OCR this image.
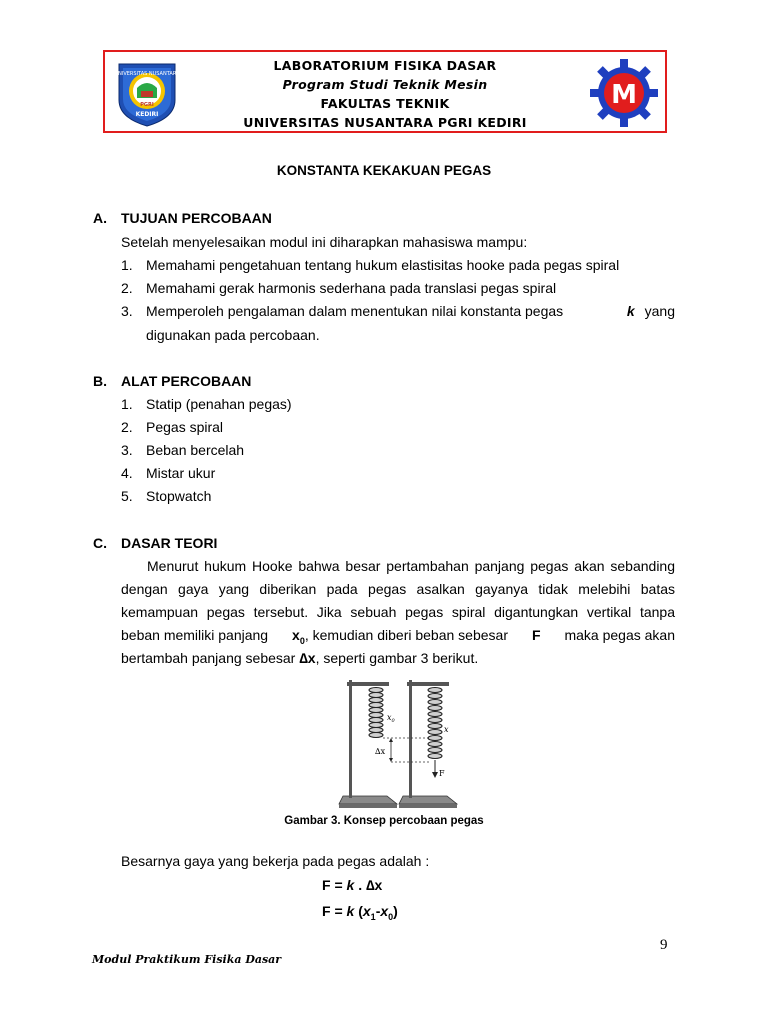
UNIVERSITAS NUSANTARA
PGRI
KEDIRI
LABORATORIUM FISIKA DASAR
Program Studi Teknik Mesin
FAKULTAS TEKNIK
UNIVERSITAS NUSANTARA PGRI KEDIRI
M
KONSTANTA KEKAKUAN PEGAS
A. TUJUAN PERCOBAAN
Setelah menyelesaikan modul ini diharapkan mahasiswa mampu:
1. Memahami pengetahuan tentang hukum elastisitas hooke pada pegas spiral
2. Memahami gerak harmonis sederhana pada translasi pegas spiral
3. Memperoleh pengalaman dalam menentukan nilai konstanta pegas	k yang
digunakan pada percobaan.
B. ALAT PERCOBAAN
1. Statip (penahan pegas)
2. Pegas spiral
3. Beban bercelah
4. Mistar ukur
5. Stopwatch
C. DASAR TEORI
Menurut hukum Hooke bahwa besar pertambahan panjang pegas akan sebanding
dengan gaya yang diberikan pada pegas asalkan gayanya tidak melebihi batas
kemampuan pegas tersebut. Jika sebuah pegas spiral digantungkan vertikal tanpa
beban memiliki panjang $x_0$, kemudian diberi beban sebesar F maka pegas akan
bertambah panjang sebesar ∆x, seperti gambar 3 berikut.
$x_0$
x
∆x
F
Gambar 3. Konsep percobaan pegas
Besarnya gaya yang bekerja pada pegas adalah :
F = k . ∆x
F = k $(x_1-x_0)$
9
Modul Praktikum Fisika Dasar
